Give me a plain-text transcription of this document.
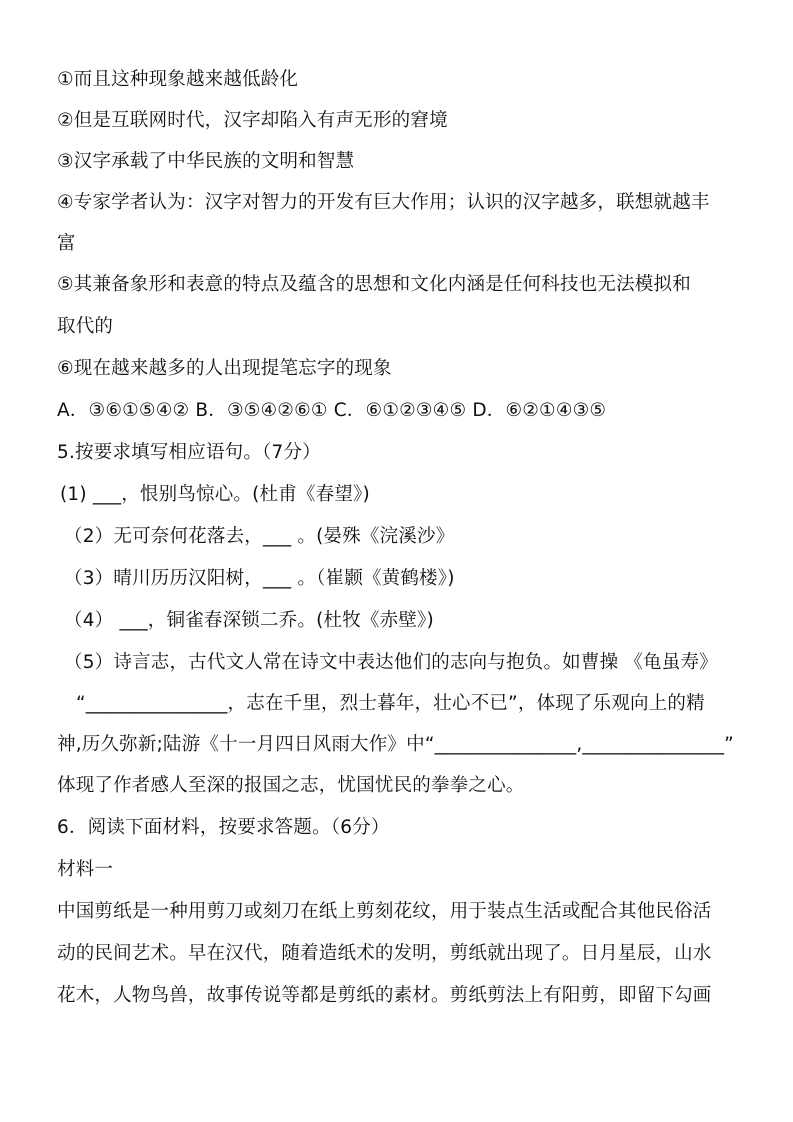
①而且这种现象越来越低龄化
②但是互联网时代，汉字却陷入有声无形的窘境
③汉字承载了中华民族的文明和智慧
④专家学者认为：汉字对智力的开发有巨大作用；认识的汉字越多，联想就越丰
富
⑤其兼备象形和表意的特点及蕴含的思想和文化内涵是任何科技也无法模拟和
取代的
⑥现在越来越多的人出现提笔忘字的现象
A．③⑥①⑤④② B．③⑤④②⑥① C．⑥①②③④⑤ D．⑥②①④③⑤
5.按要求填写相应语句。（7分）
(1) ___，恨别鸟惊心。(杜甫《春望》)
（2）无可奈何花落去，___ 。(晏殊《浣溪沙》
（3）晴川历历汉阳树，___ 。（崔颢《黄鹤楼》)
（4） ___，铜雀春深锁二乔。(杜牧《赤壁》)
（5）诗言志，古代文人常在诗文中表达他们的志向与抱负。如曹操 《龟虽寿》
“_______________，志在千里，烈士暮年，壮心不已”，体现了乐观向上的精
神,历久弥新;陆游《十一月四日风雨大作》中“_______________,_______________”
体现了作者感人至深的报国之志，忧国忧民的拳拳之心。
6．阅读下面材料，按要求答题。（6分）
材料一
中国剪纸是一种用剪刀或刻刀在纸上剪刻花纹，用于装点生活或配合其他民俗活
动的民间艺术。早在汉代，随着造纸术的发明，剪纸就出现了。日月星辰，山水
花木，人物鸟兽，故事传说等都是剪纸的素材。剪纸剪法上有阳剪，即留下勾画
